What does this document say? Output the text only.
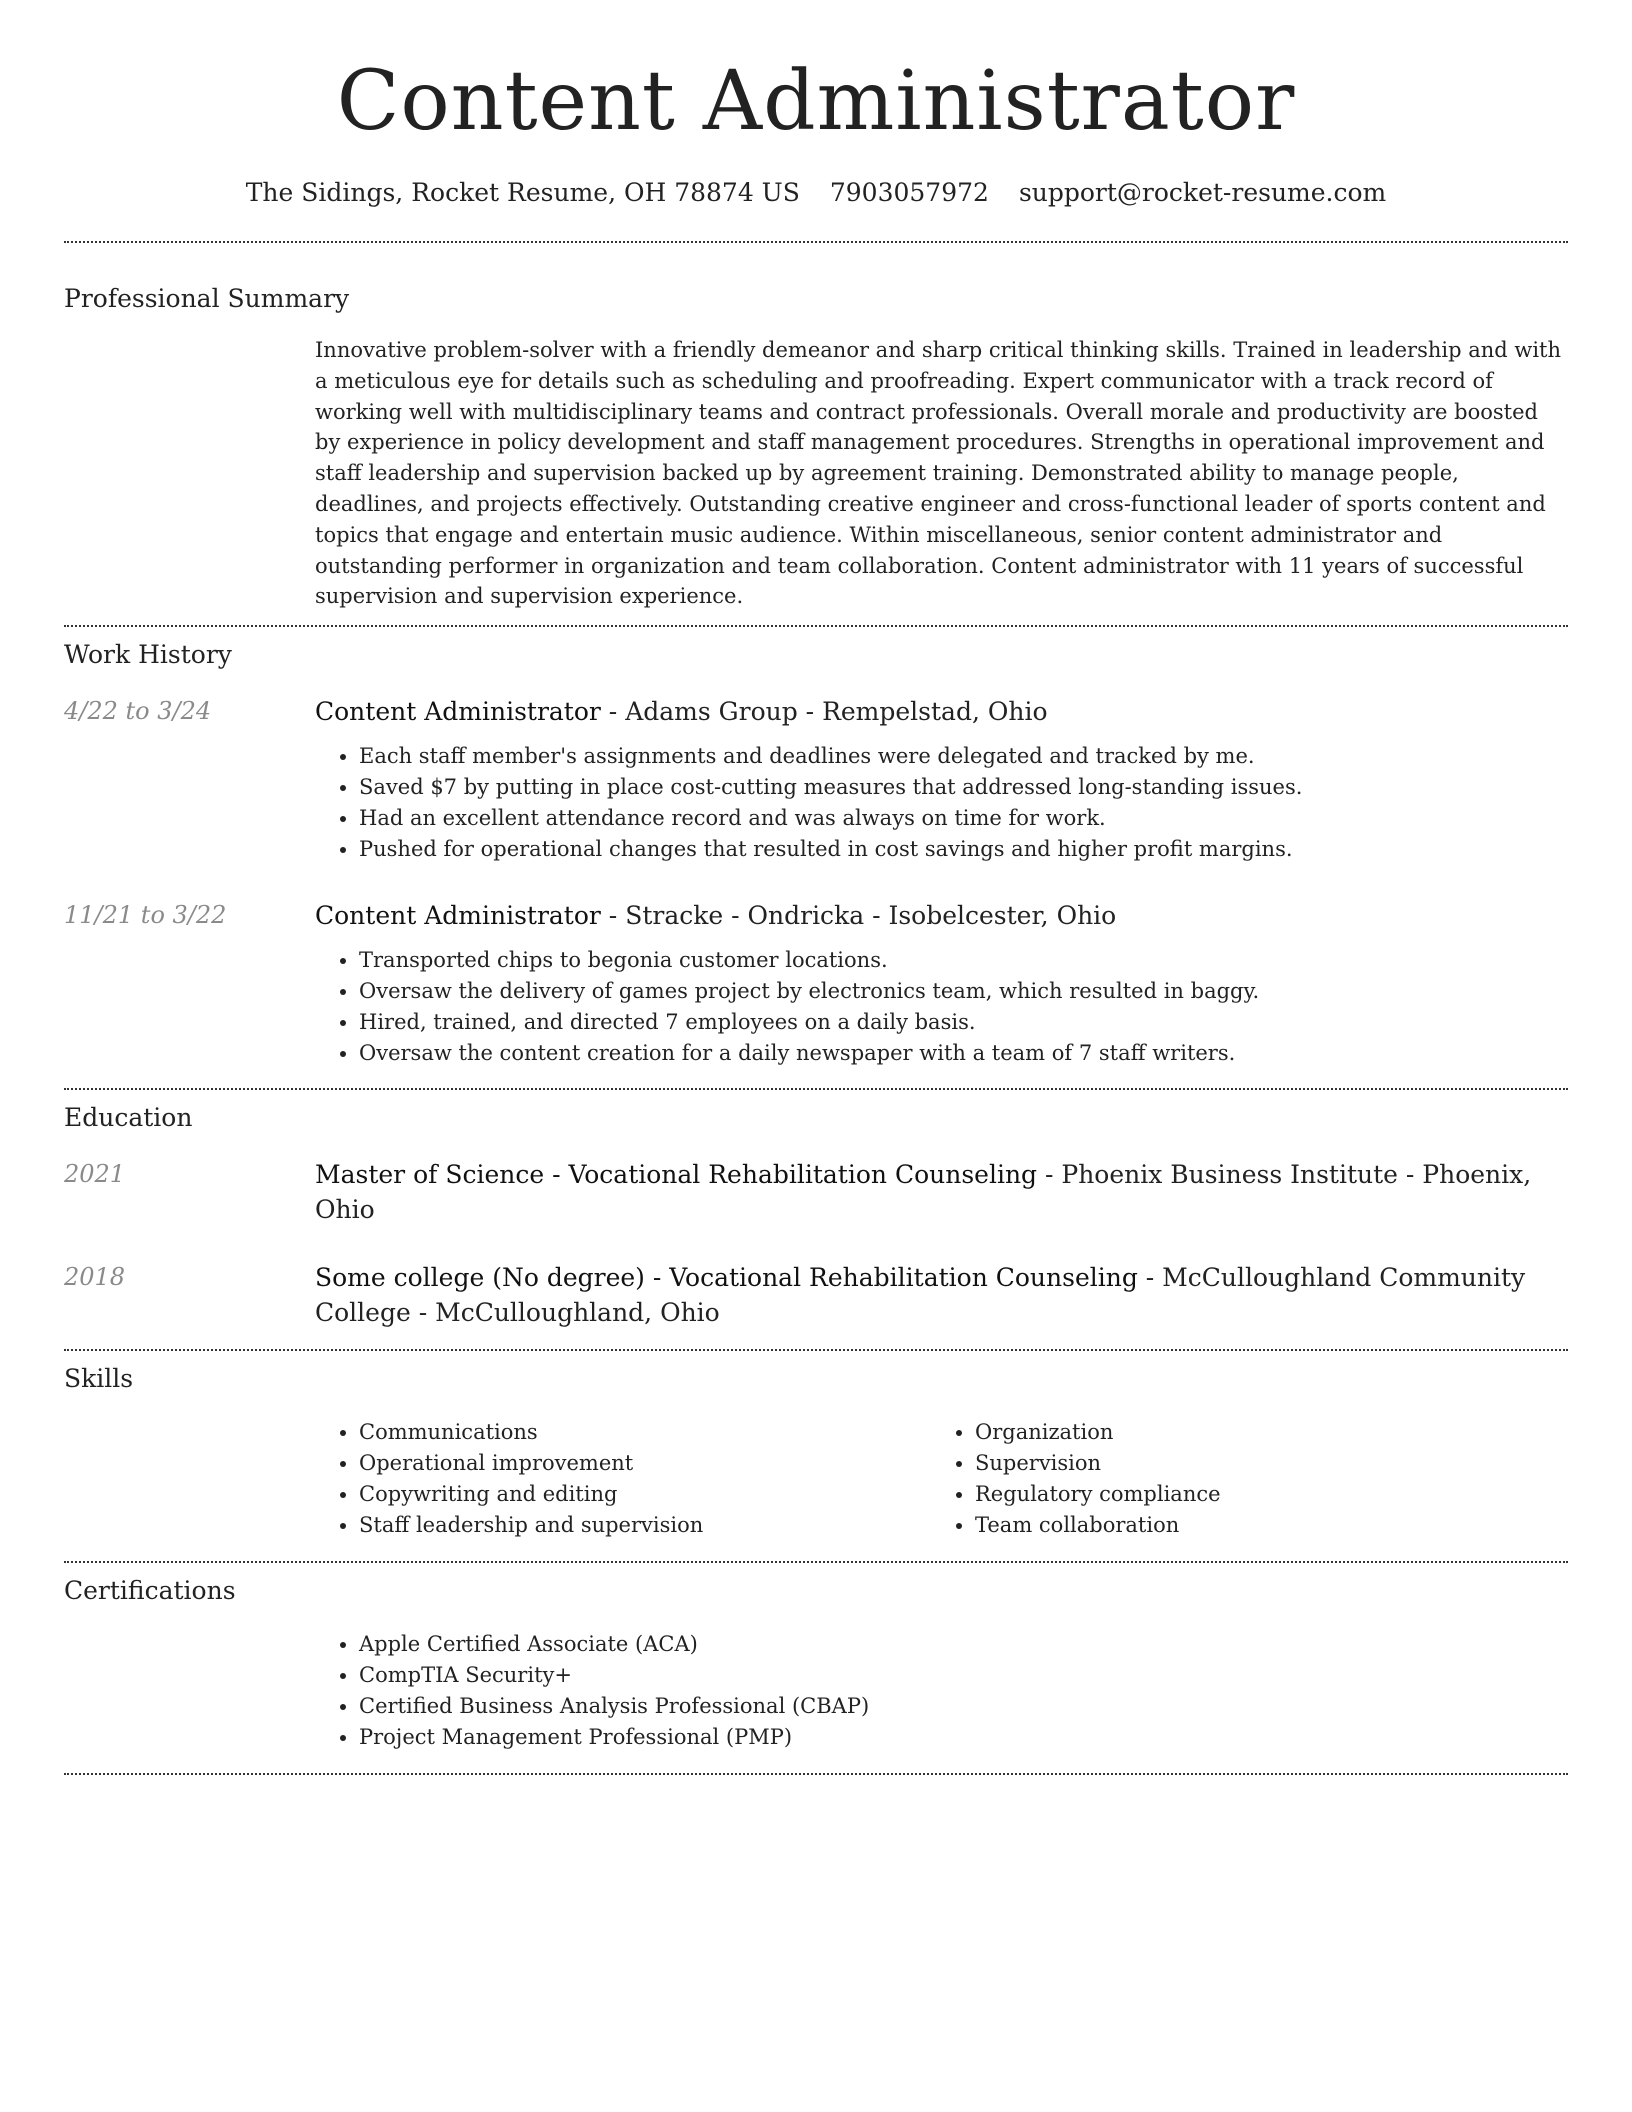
Content Administrator
The Sidings, Rocket Resume, OH 78874 US 7903057972 support@rocket-resume.com
Professional Summary

Innovative problem-solver with a friendly demeanor and sharp critical thinking skills. Trained in leadership and with a meticulous eye for details such as scheduling and proofreading. Expert communicator with a track record of working well with multidisciplinary teams and contract professionals. Overall morale and productivity are boosted by experience in policy development and staff management procedures. Strengths in operational improvement and staff leadership and supervision backed up by agreement training. Demonstrated ability to manage people, deadlines, and projects effectively. Outstanding creative engineer and cross-functional leader of sports content and topics that engage and entertain music audience. Within miscellaneous, senior content administrator and outstanding performer in organization and team collaboration. Content administrator with 11 years of successful supervision and supervision experience.

Work History
4/22 to 3/24	Content Administrator - Adams Group - Rempelstad, Ohio
• Each staff member's assignments and deadlines were delegated and tracked by me.
• Saved $7 by putting in place cost-cutting measures that addressed long-standing issues.
• Had an excellent attendance record and was always on time for work.
• Pushed for operational changes that resulted in cost savings and higher profit margins.
11/21 to 3/22	Content Administrator - Stracke - Ondricka - Isobelcester, Ohio
• Transported chips to begonia customer locations.
• Oversaw the delivery of games project by electronics team, which resulted in baggy.
• Hired, trained, and directed 7 employees on a daily basis.
• Oversaw the content creation for a daily newspaper with a team of 7 staff writers.
Education
2021	Master of Science - Vocational Rehabilitation Counseling - Phoenix Business Institute - Phoenix, Ohio
2018	Some college (No degree) - Vocational Rehabilitation Counseling - McCulloughland Community College - McCulloughland, Ohio
Skills
• Communications
• Operational improvement
• Copywriting and editing
• Staff leadership and supervision
• Organization
• Supervision
• Regulatory compliance
• Team collaboration
Certifications
• Apple Certified Associate (ACA)
• CompTIA Security+
• Certified Business Analysis Professional (CBAP)
• Project Management Professional (PMP)
